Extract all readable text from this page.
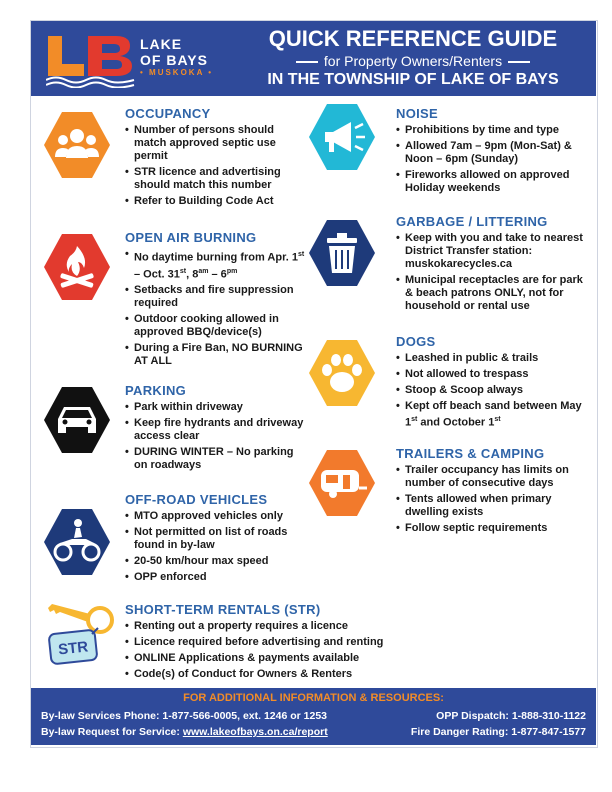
LAKE
OF BAYS
• MUSKOKA •
QUICK REFERENCE GUIDE
for Property Owners/Renters
IN THE TOWNSHIP OF LAKE OF BAYS
STR
OCCUPANCY
• Number of persons should match approved septic use permit
• STR licence and advertising should match this number
• Refer to Building Code Act
OPEN AIR BURNING
• No daytime burning from Apr. 1st – Oct. 31st, $8^{am} - 6^{pm}$
• Setbacks and fire suppression required
• Outdoor cooking allowed in approved BBQ/device(s)
• During a Fire Ban, NO BURNING AT ALL
PARKING
• Park within driveway
• Keep fire hydrants and driveway access clear
• DURING WINTER – No parking on roadways
OFF-ROAD VEHICLES
• MTO approved vehicles only
• Not permitted on list of roads found in by-law
• 20-50 km/hour max speed
• OPP enforced
SHORT-TERM RENTALS (STR)
• Renting out a property requires a licence
• Licence required before advertising and renting
• ONLINE Applications & payments available
• Code(s) of Conduct for Owners & Renters
NOISE
• Prohibitions by time and type
• Allowed 7am – 9pm (Mon-Sat) & Noon – 6pm (Sunday)
• Fireworks allowed on approved Holiday weekends
GARBAGE / LITTERING
• Keep with you and take to nearest District Transfer station: muskokarecycles.ca
• Municipal receptacles are for park & beach patrons ONLY, not for household or rental use
DOGS
• Leashed in public & trails
• Not allowed to trespass
• Stoop & Scoop always
• Kept off beach sand between May 1st and October 1st
TRAILERS & CAMPING
• Trailer occupancy has limits on number of consecutive days
• Tents allowed when primary dwelling exists
• Follow septic requirements
FOR ADDITIONAL INFORMATION & RESOURCES:
By-law Services Phone: 1-877-566-0005, ext. 1246 or 1253
By-law Request for Service: www.lakeofbays.on.ca/report
OPP Dispatch: 1-888-310-1122
Fire Danger Rating: 1-877-847-1577
